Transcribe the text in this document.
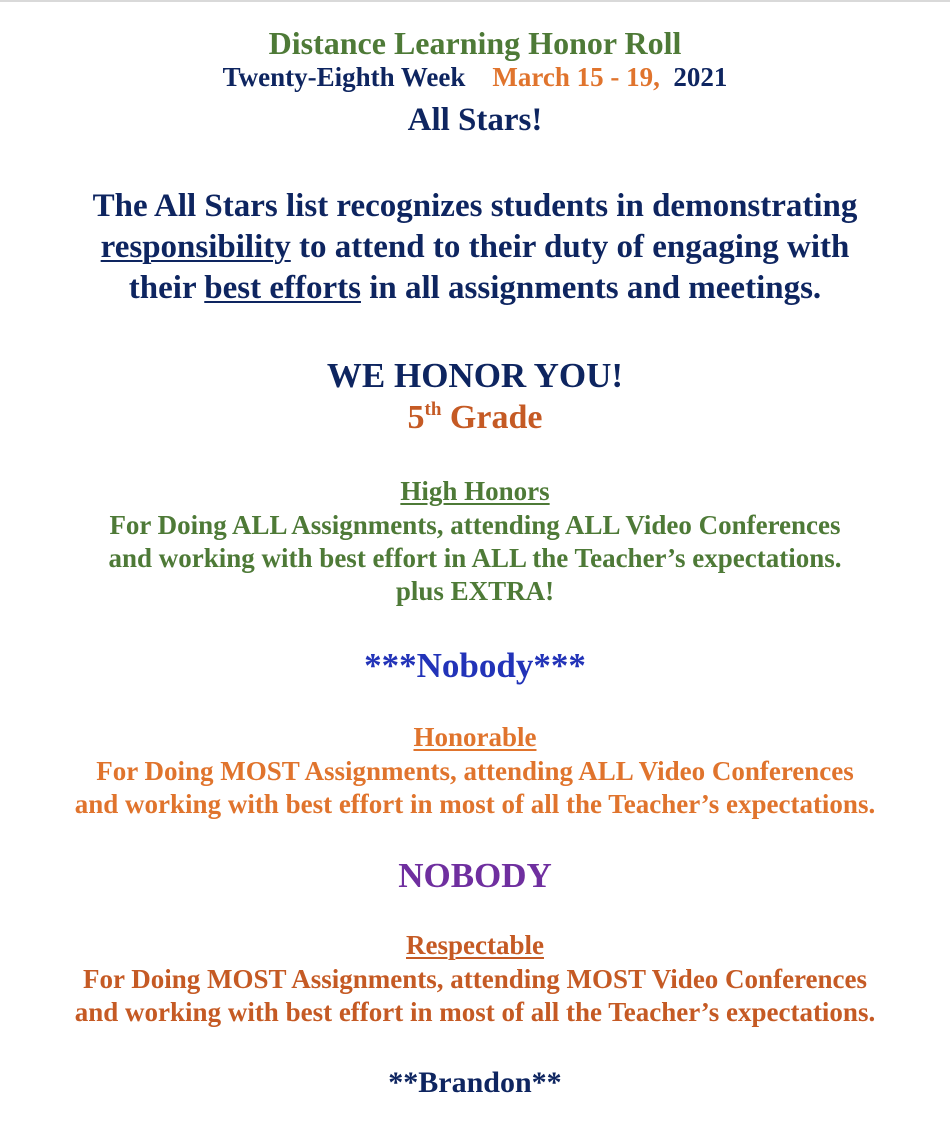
Distance Learning Honor Roll
Twenty-Eighth Week March 15 - 19, 2021
All Stars!
The All Stars list recognizes students in demonstrating
responsibility to attend to their duty of engaging with
their best efforts in all assignments and meetings.
WE HONOR YOU!
5th Grade
High Honors
For Doing ALL Assignments, attending ALL Video Conferences
and working with best effort in ALL the Teacher’s expectations.
plus EXTRA!
***Nobody***
Honorable
For Doing MOST Assignments, attending ALL Video Conferences
and working with best effort in most of all the Teacher’s expectations.
NOBODY
Respectable
For Doing MOST Assignments, attending MOST Video Conferences
and working with best effort in most of all the Teacher’s expectations.
**Brandon**
